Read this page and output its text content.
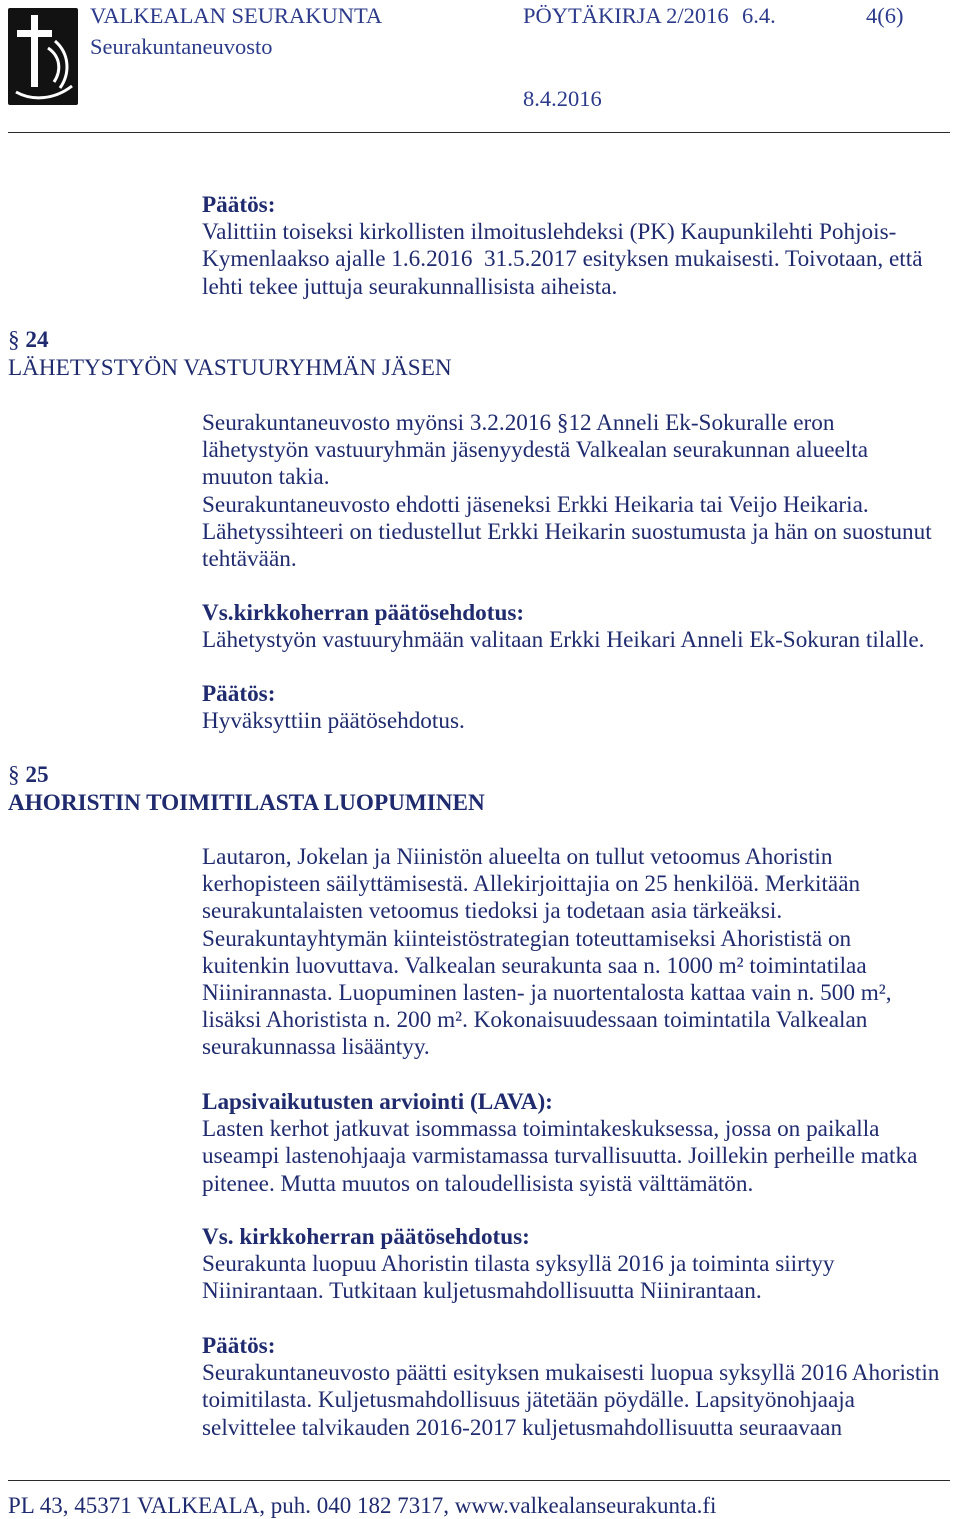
VALKEALAN SEURAKUNTA
Seurakuntaneuvosto
PÖYTÄKIRJA 2/2016 6.4.	4(6)
8.4.2016
Päätös:
Valittiin toiseksi kirkollisten ilmoituslehdeksi (PK) Kaupunkilehti Pohjois-
Kymenlaakso ajalle 1.6.2016  31.5.2017 esityksen mukaisesti. Toivotaan, että
lehti tekee juttuja seurakunnallisista aiheista.
§ 24
LÄHETYSTYÖN VASTUURYHMÄN JÄSEN
Seurakuntaneuvosto myönsi 3.2.2016 §12 Anneli Ek-Sokuralle eron
lähetystyön vastuuryhmän jäsenyydestä Valkealan seurakunnan alueelta
muuton takia.
Seurakuntaneuvosto ehdotti jäseneksi Erkki Heikaria tai Veijo Heikaria.
Lähetyssihteeri on tiedustellut Erkki Heikarin suostumusta ja hän on suostunut
tehtävään.
Vs.kirkkoherran päätösehdotus:
Lähetystyön vastuuryhmään valitaan Erkki Heikari Anneli Ek-Sokuran tilalle.
Päätös:
Hyväksyttiin päätösehdotus.
§ 25
AHORISTIN TOIMITILASTA LUOPUMINEN
Lautaron, Jokelan ja Niinistön alueelta on tullut vetoomus Ahoristin
kerhopisteen säilyttämisestä. Allekirjoittajia on 25 henkilöä. Merkitään
seurakuntalaisten vetoomus tiedoksi ja todetaan asia tärkeäksi.
Seurakuntayhtymän kiinteistöstrategian toteuttamiseksi Ahorististä on
kuitenkin luovuttava. Valkealan seurakunta saa n. 1000 m² toimintatilaa
Niinirannasta. Luopuminen lasten- ja nuortentalosta kattaa vain n. 500 m²,
lisäksi Ahoristista n. 200 m². Kokonaisuudessaan toimintatila Valkealan
seurakunnassa lisääntyy.
Lapsivaikutusten arviointi (LAVA):
Lasten kerhot jatkuvat isommassa toimintakeskuksessa, jossa on paikalla
useampi lastenohjaaja varmistamassa turvallisuutta. Joillekin perheille matka
pitenee. Mutta muutos on taloudellisista syistä välttämätön.
Vs. kirkkoherran päätösehdotus:
Seurakunta luopuu Ahoristin tilasta syksyllä 2016 ja toiminta siirtyy
Niinirantaan. Tutkitaan kuljetusmahdollisuutta Niinirantaan.
Päätös:
Seurakuntaneuvosto päätti esityksen mukaisesti luopua syksyllä 2016 Ahoristin
toimitilasta. Kuljetusmahdollisuus jätetään pöydälle. Lapsityönohjaaja
selvittelee talvikauden 2016-2017 kuljetusmahdollisuutta seuraavaan
PL 43, 45371 VALKEALA, puh. 040 182 7317, www.valkealanseurakunta.fi
